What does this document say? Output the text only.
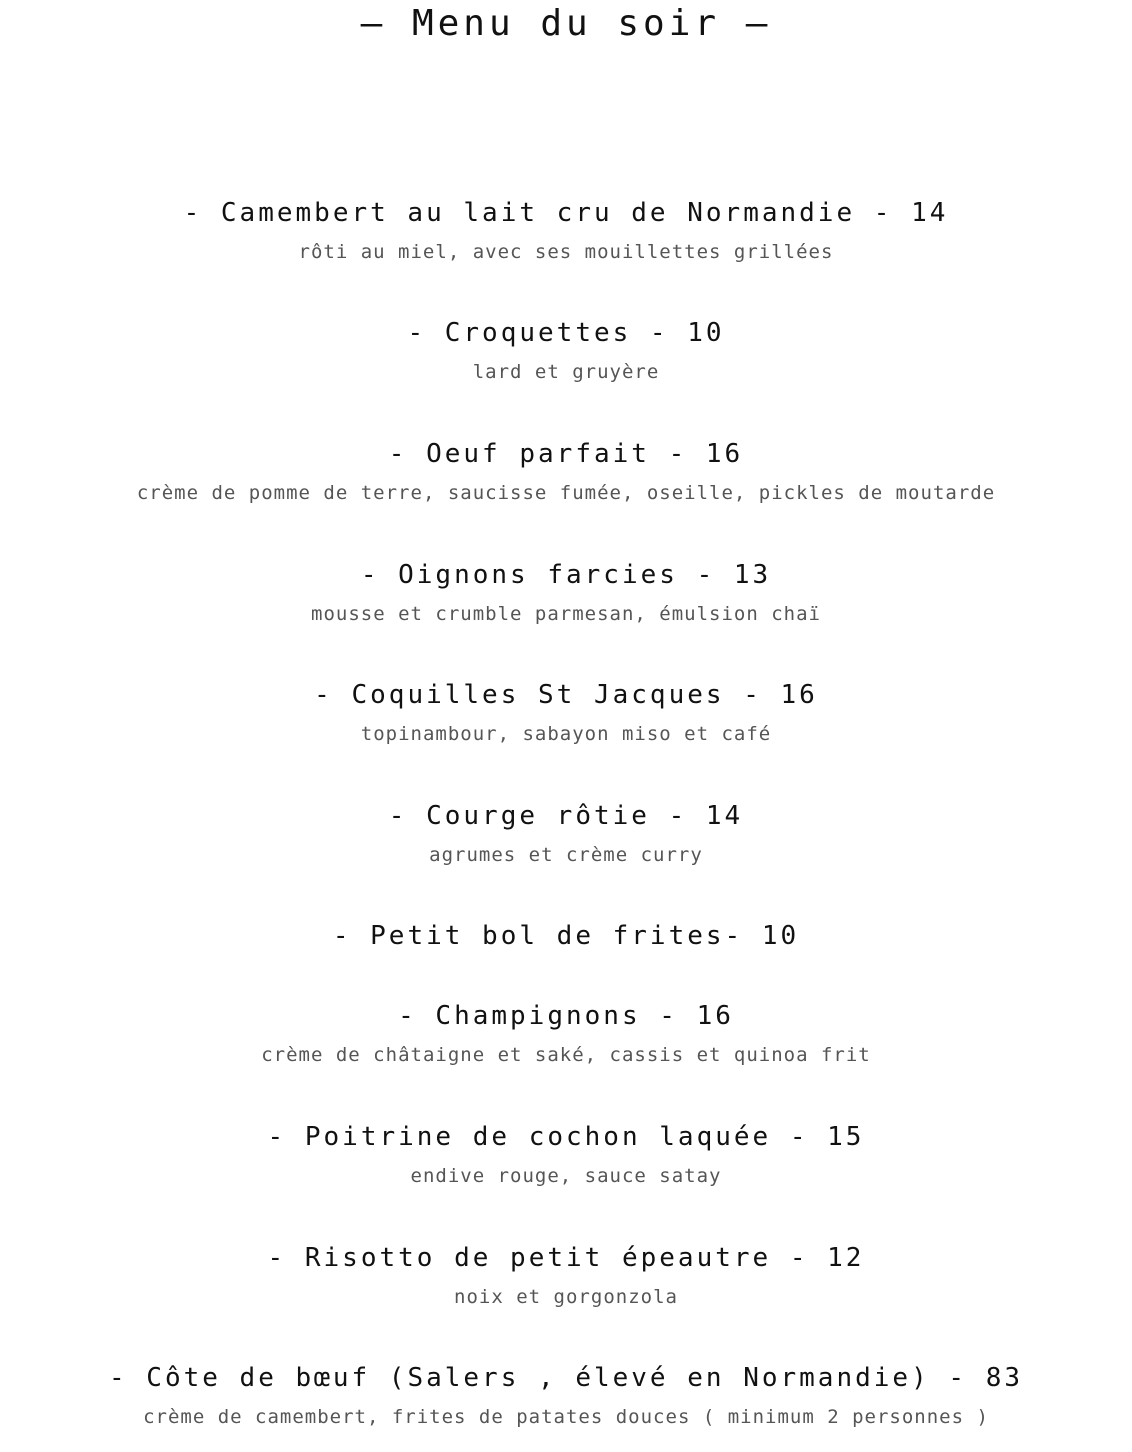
— Menu du soir —
- Camembert au lait cru de Normandie - 14
rôti au miel, avec ses mouillettes grillées
- Croquettes - 10
lard et gruyère
- Oeuf parfait - 16
crème de pomme de terre, saucisse fumée, oseille, pickles de moutarde
- Oignons farcies - 13
mousse et crumble parmesan, émulsion chaï
- Coquilles St Jacques - 16
topinambour, sabayon miso et café
- Courge rôtie - 14
agrumes et crème curry
- Petit bol de frites- 10
- Champignons - 16
crème de châtaigne et saké, cassis et quinoa frit
- Poitrine de cochon laquée - 15
endive rouge, sauce satay
- Risotto de petit épeautre - 12
noix et gorgonzola
- Côte de bœuf (Salers , élevé en Normandie) - 83
crème de camembert, frites de patates douces ( minimum 2 personnes )
